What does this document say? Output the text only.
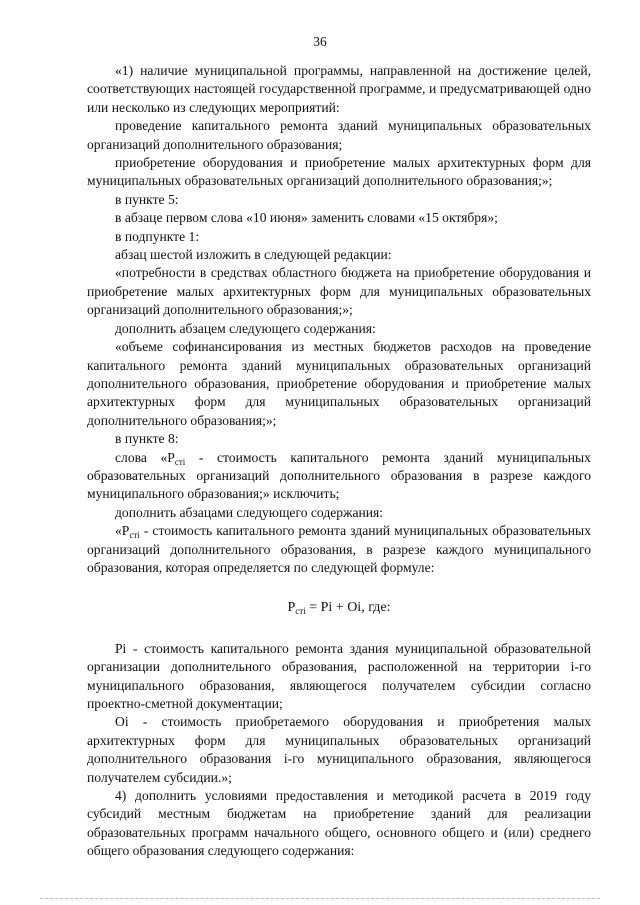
36

«1) наличие муниципальной программы, направленной на достижение целей, соответствующих настоящей государственной программе, и предусматривающей одно или несколько из следующих мероприятий:

проведение капитального ремонта зданий муниципальных образовательных организаций дополнительного образования;

приобретение оборудования и приобретение малых архитектурных форм для муниципальных образовательных организаций дополнительного образования;»;

в пункте 5:

в абзаце первом слова «10 июня» заменить словами «15 октября»;

в подпункте 1:

абзац шестой изложить в следующей редакции:

«потребности в средствах областного бюджета на приобретение оборудования и приобретение малых архитектурных форм для муниципальных образовательных организаций дополнительного образования;»;

дополнить абзацем следующего содержания:

«объеме софинансирования из местных бюджетов расходов на проведение капитального ремонта зданий муниципальных образовательных организаций дополнительного образования, приобретение оборудования и приобретение малых архитектурных форм для муниципальных образовательных организаций дополнительного образования;»;

в пункте 8:

слова «$Р_{стi}$ - стоимость капитального ремонта зданий муниципальных образовательных организаций дополнительного образования в разрезе каждого муниципального образования;» исключить;

дополнить абзацами следующего содержания:

«$Р_{стi}$ - стоимость капитального ремонта зданий муниципальных образовательных организаций дополнительного образования, в разрезе каждого муниципального образования, которая определяется по следующей формуле:

$Р_{стi} = Pi + Oi$, где:

Pi - стоимость капитального ремонта здания муниципальной образовательной организации дополнительного образования, расположенной на территории i-го муниципального образования, являющегося получателем субсидии согласно проектно-сметной документации;

Oi - стоимость приобретаемого оборудования и приобретения малых архитектурных форм для муниципальных образовательных организаций дополнительного образования i-го муниципального образования, являющегося получателем субсидии.»;

4) дополнить условиями предоставления и методикой расчета в 2019 году субсидий местным бюджетам на приобретение зданий для реализации образовательных программ начального общего, основного общего и (или) среднего общего образования следующего содержания:
